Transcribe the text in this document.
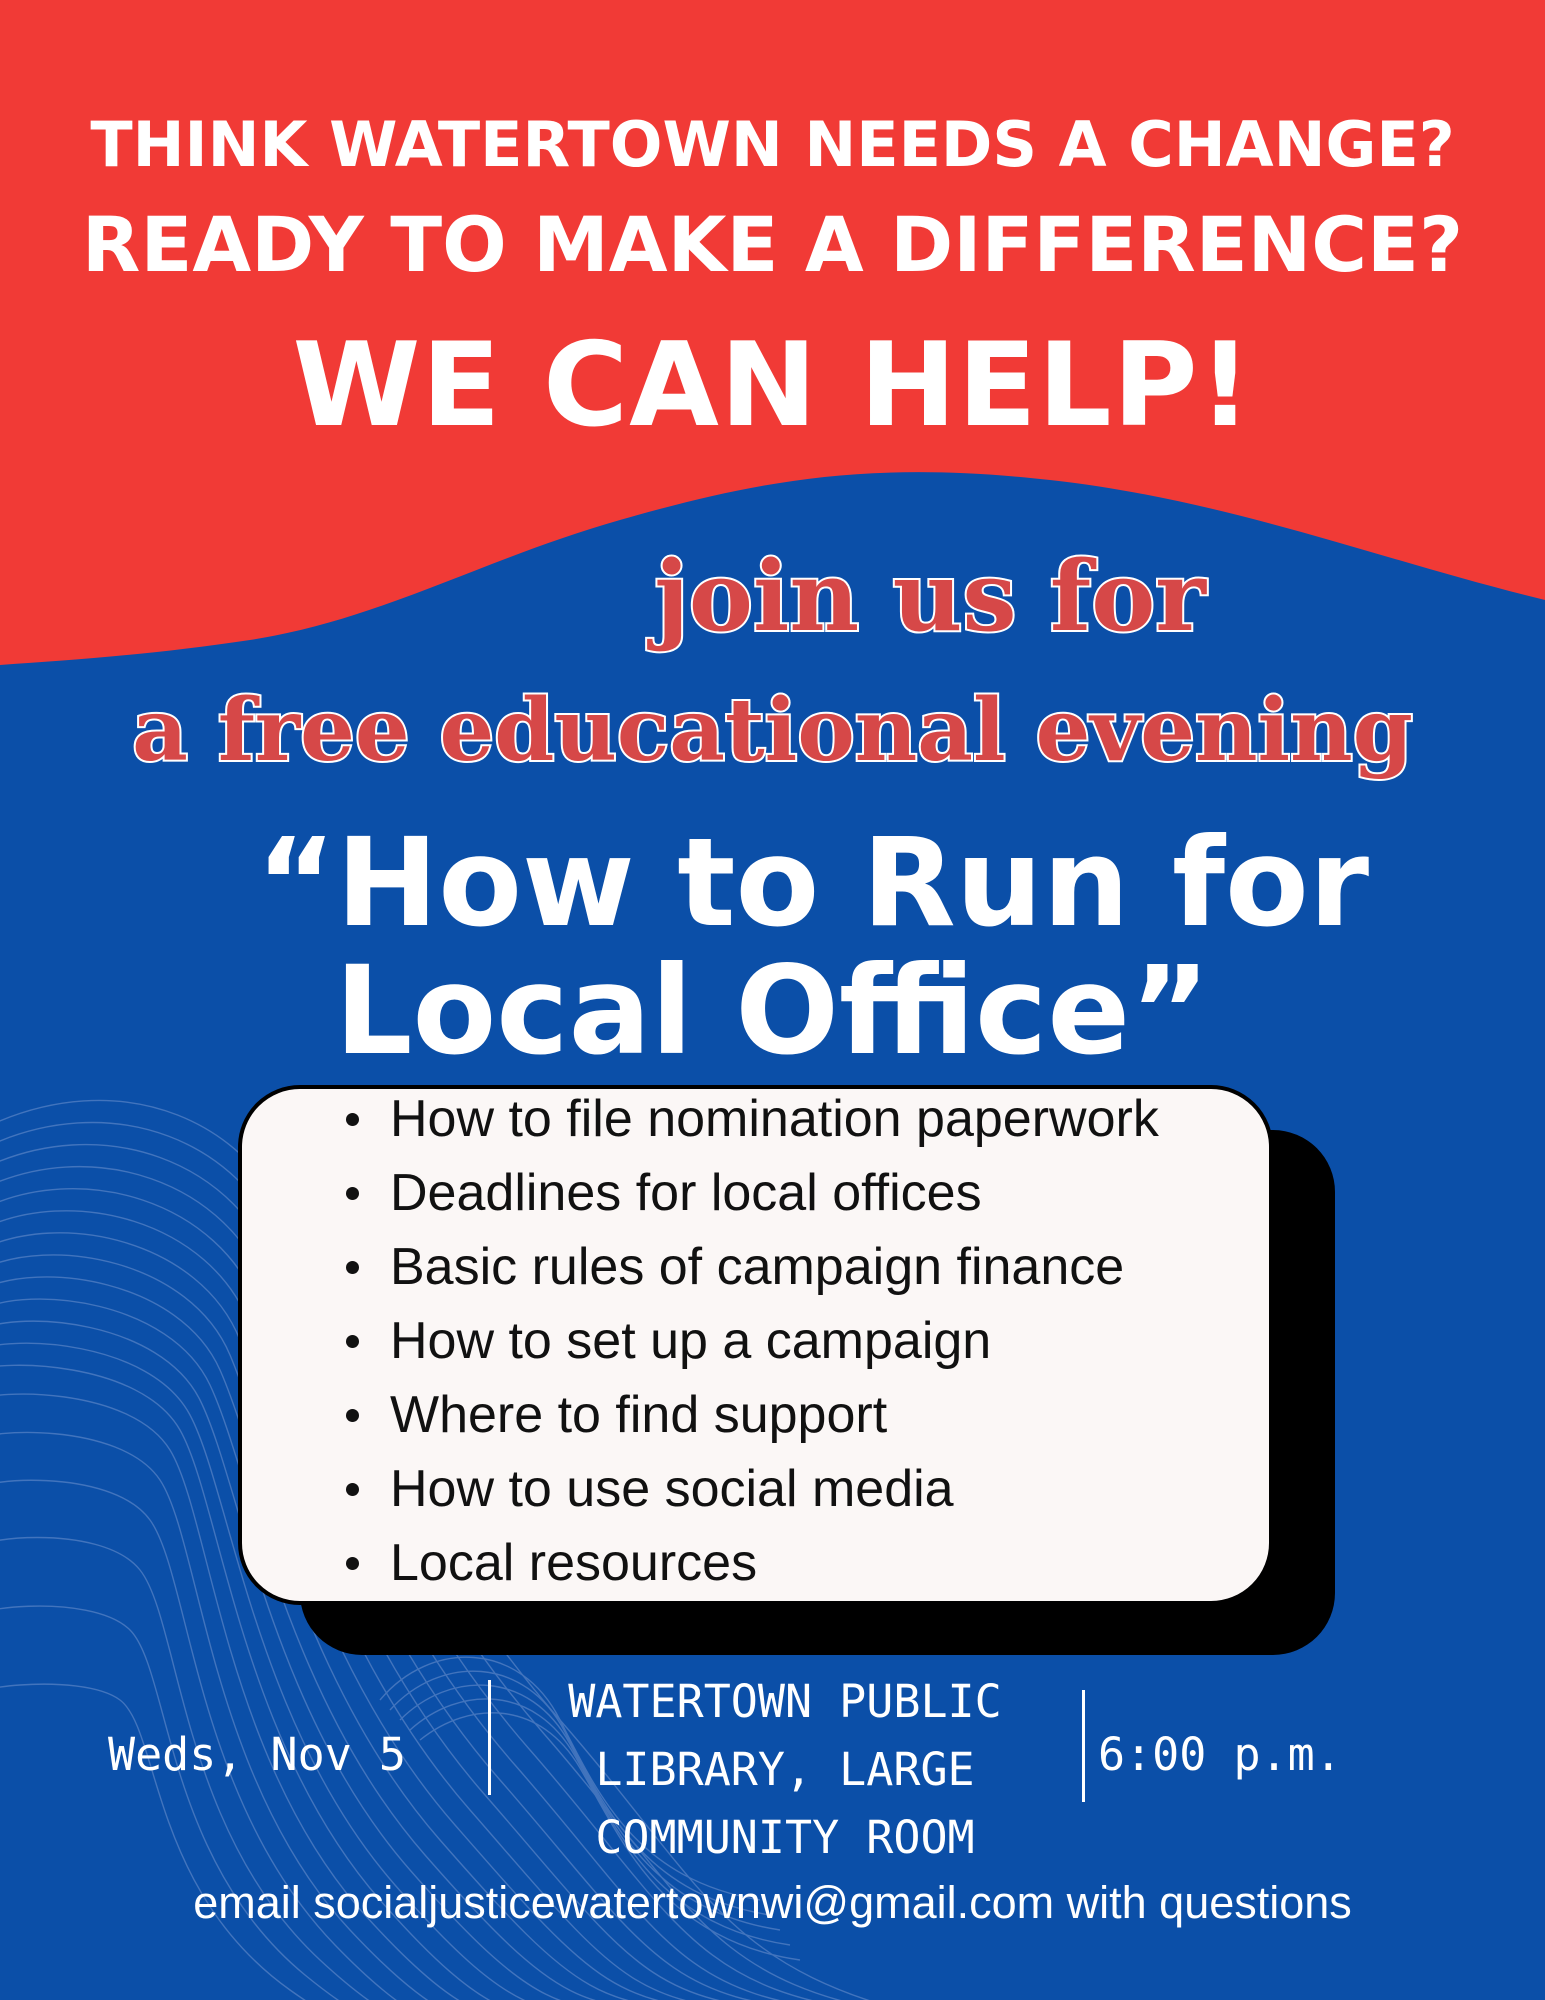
THINK WATERTOWN NEEDS A CHANGE?

READY TO MAKE A DIFFERENCE?

WE CAN HELP!

join us for

a free educational evening

“How to Run for

Local Office”

How to file nomination paperwork
Deadlines for local offices
Basic rules of campaign finance
How to set up a campaign
Where to find support
How to use social media
Local resources
Weds, Nov 5
WATERTOWN PUBLIC
LIBRARY, LARGE
COMMUNITY ROOM
6:00 p.m.
email socialjusticewatertownwi@gmail.com with questions
